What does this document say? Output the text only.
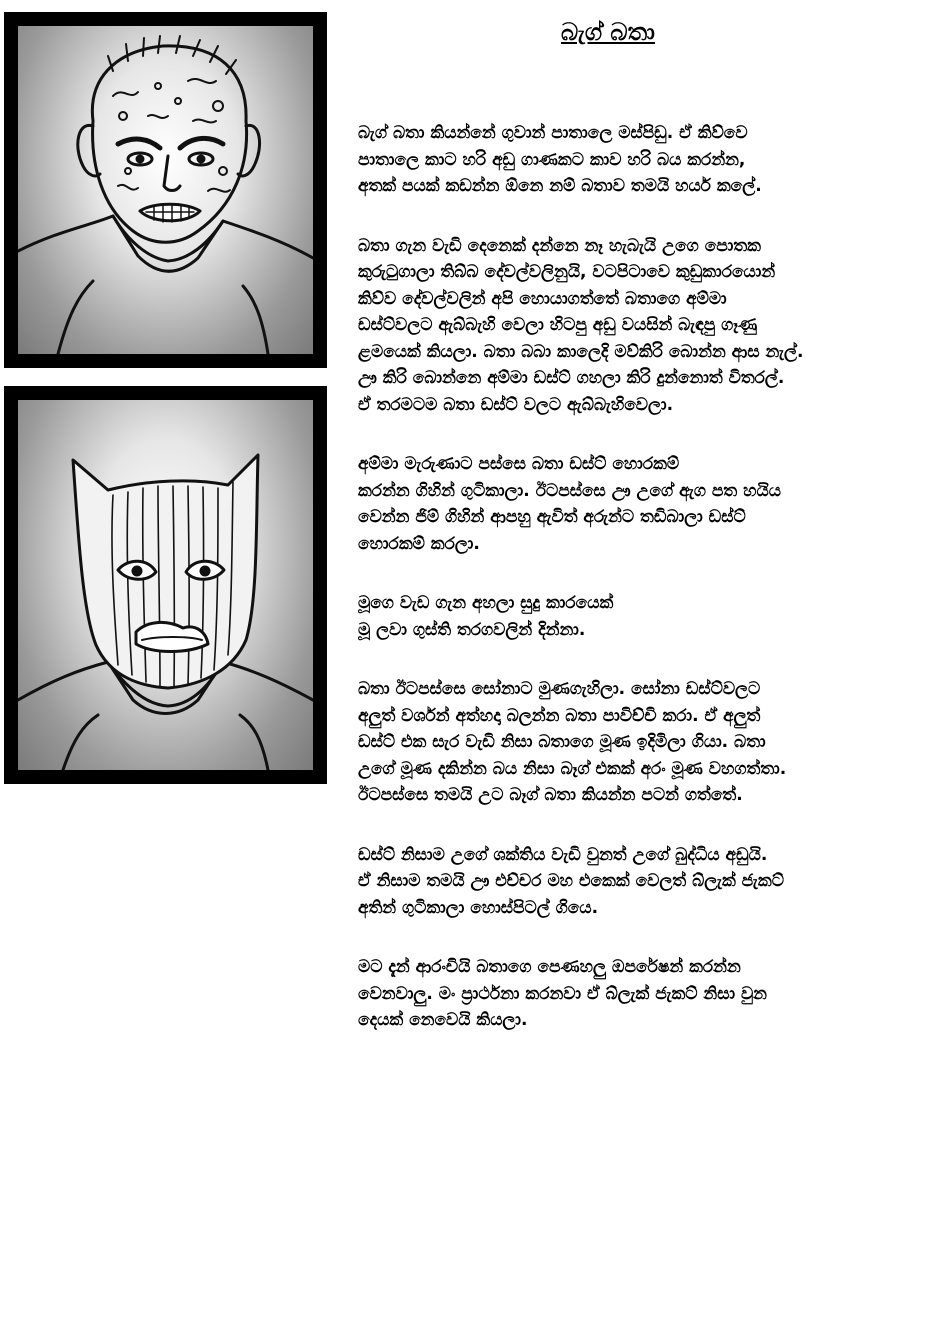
බැග් බතා

බැග් බතා කියන්නේ ගුවාන් පාතාලෙ මස්පිඩු. ඒ කිව්වෙ
පාතාලෙ කාට හරි අඩු ගාණකට කාව හරි බය කරන්න,
අතක් පයක් කඩන්න ඕනෙ නම් බතාව තමයි හයර් කලේ.

බතා ගැන වැඩි දෙනෙක් දන්නෙ නෑ හැබැයි උගෙ පොතක
කුරුටුගාලා තිබ්බ දේවල්වලිනුයි, වටපිටාවෙ කුඩුකාරයොන්
කිව්ව දේවල්වලින් අපි හොයාගත්තේ බතාගෙ අම්මා
ඩස්ට්වලට ඇබ්බැහි වෙලා හිටපු අඩු වයසින් බැඳපු ගෑණු
ළමයෙක් කියලා. බතා බබා කාලෙදි මව්කිරි බොන්න ආස නැල්.
ඌ කිරි බොන්නෙ අම්මා ඩස්ට් ගහලා කිරි දුන්නොත් විතරල්.
ඒ තරමටම බතා ඩස්ට් වලට ඇබ්බැහිවෙලා.

අම්මා මැරුණාට පස්සෙ බතා ඩස්ට් හොරකම්
කරන්න ගිහින් ගුටිකාලා. ඊටපස්සෙ ඌ උගේ ඇග පත හයිය
වෙන්න ජිම් ගිහින් ආපහු ඇවිත් අරුන්ට තඩිබාලා ඩස්ට්
හොරකම් කරලා.

මූගෙ වැඩ ගැන අහලා සුදු කාරයෙක්
මූ ලවා ගුස්ති තරගවලින් දින්නා.

බතා ඊටපස්සෙ සෝනාට මුණගැහිලා. සෝනා ඩස්ට්වලට
අලුත් වර්ශන් අත්හදා බලන්න බතා පාවිච්චි කරා. ඒ අලුත්
ඩස්ට් එක සැර වැඩි නිසා බතාගෙ මූණ ඉදිමිලා ගියා. බතා
උගේ මූණ දකින්න බය නිසා බෑග් එකක් අරං මූණ වහගත්තා.
ඊටපස්සෙ තමයි උට බෑග් බතා කියන්න පටන් ගත්තේ.

ඩස්ට් නිසාම උගේ ශක්තිය වැඩි වුනත් උගේ බුද්ධිය අඩුයි.
ඒ නිසාම තමයි ඌ එච්චර මහ එකෙක් වෙලත් බ්ලැක් ජැකට්
අතින් ගුටිකාලා හොස්පිටල් ගියෙ.

මට දැන් ආරංචියි බතාගෙ පෙණහලු ඔපරේෂන් කරන්න
වෙනවාලු. මං ප්‍රාර්ථනා කරනවා ඒ බ්ලැක් ජැකට් නිසා වුන
දෙයක් නෙවෙයි කියලා.
